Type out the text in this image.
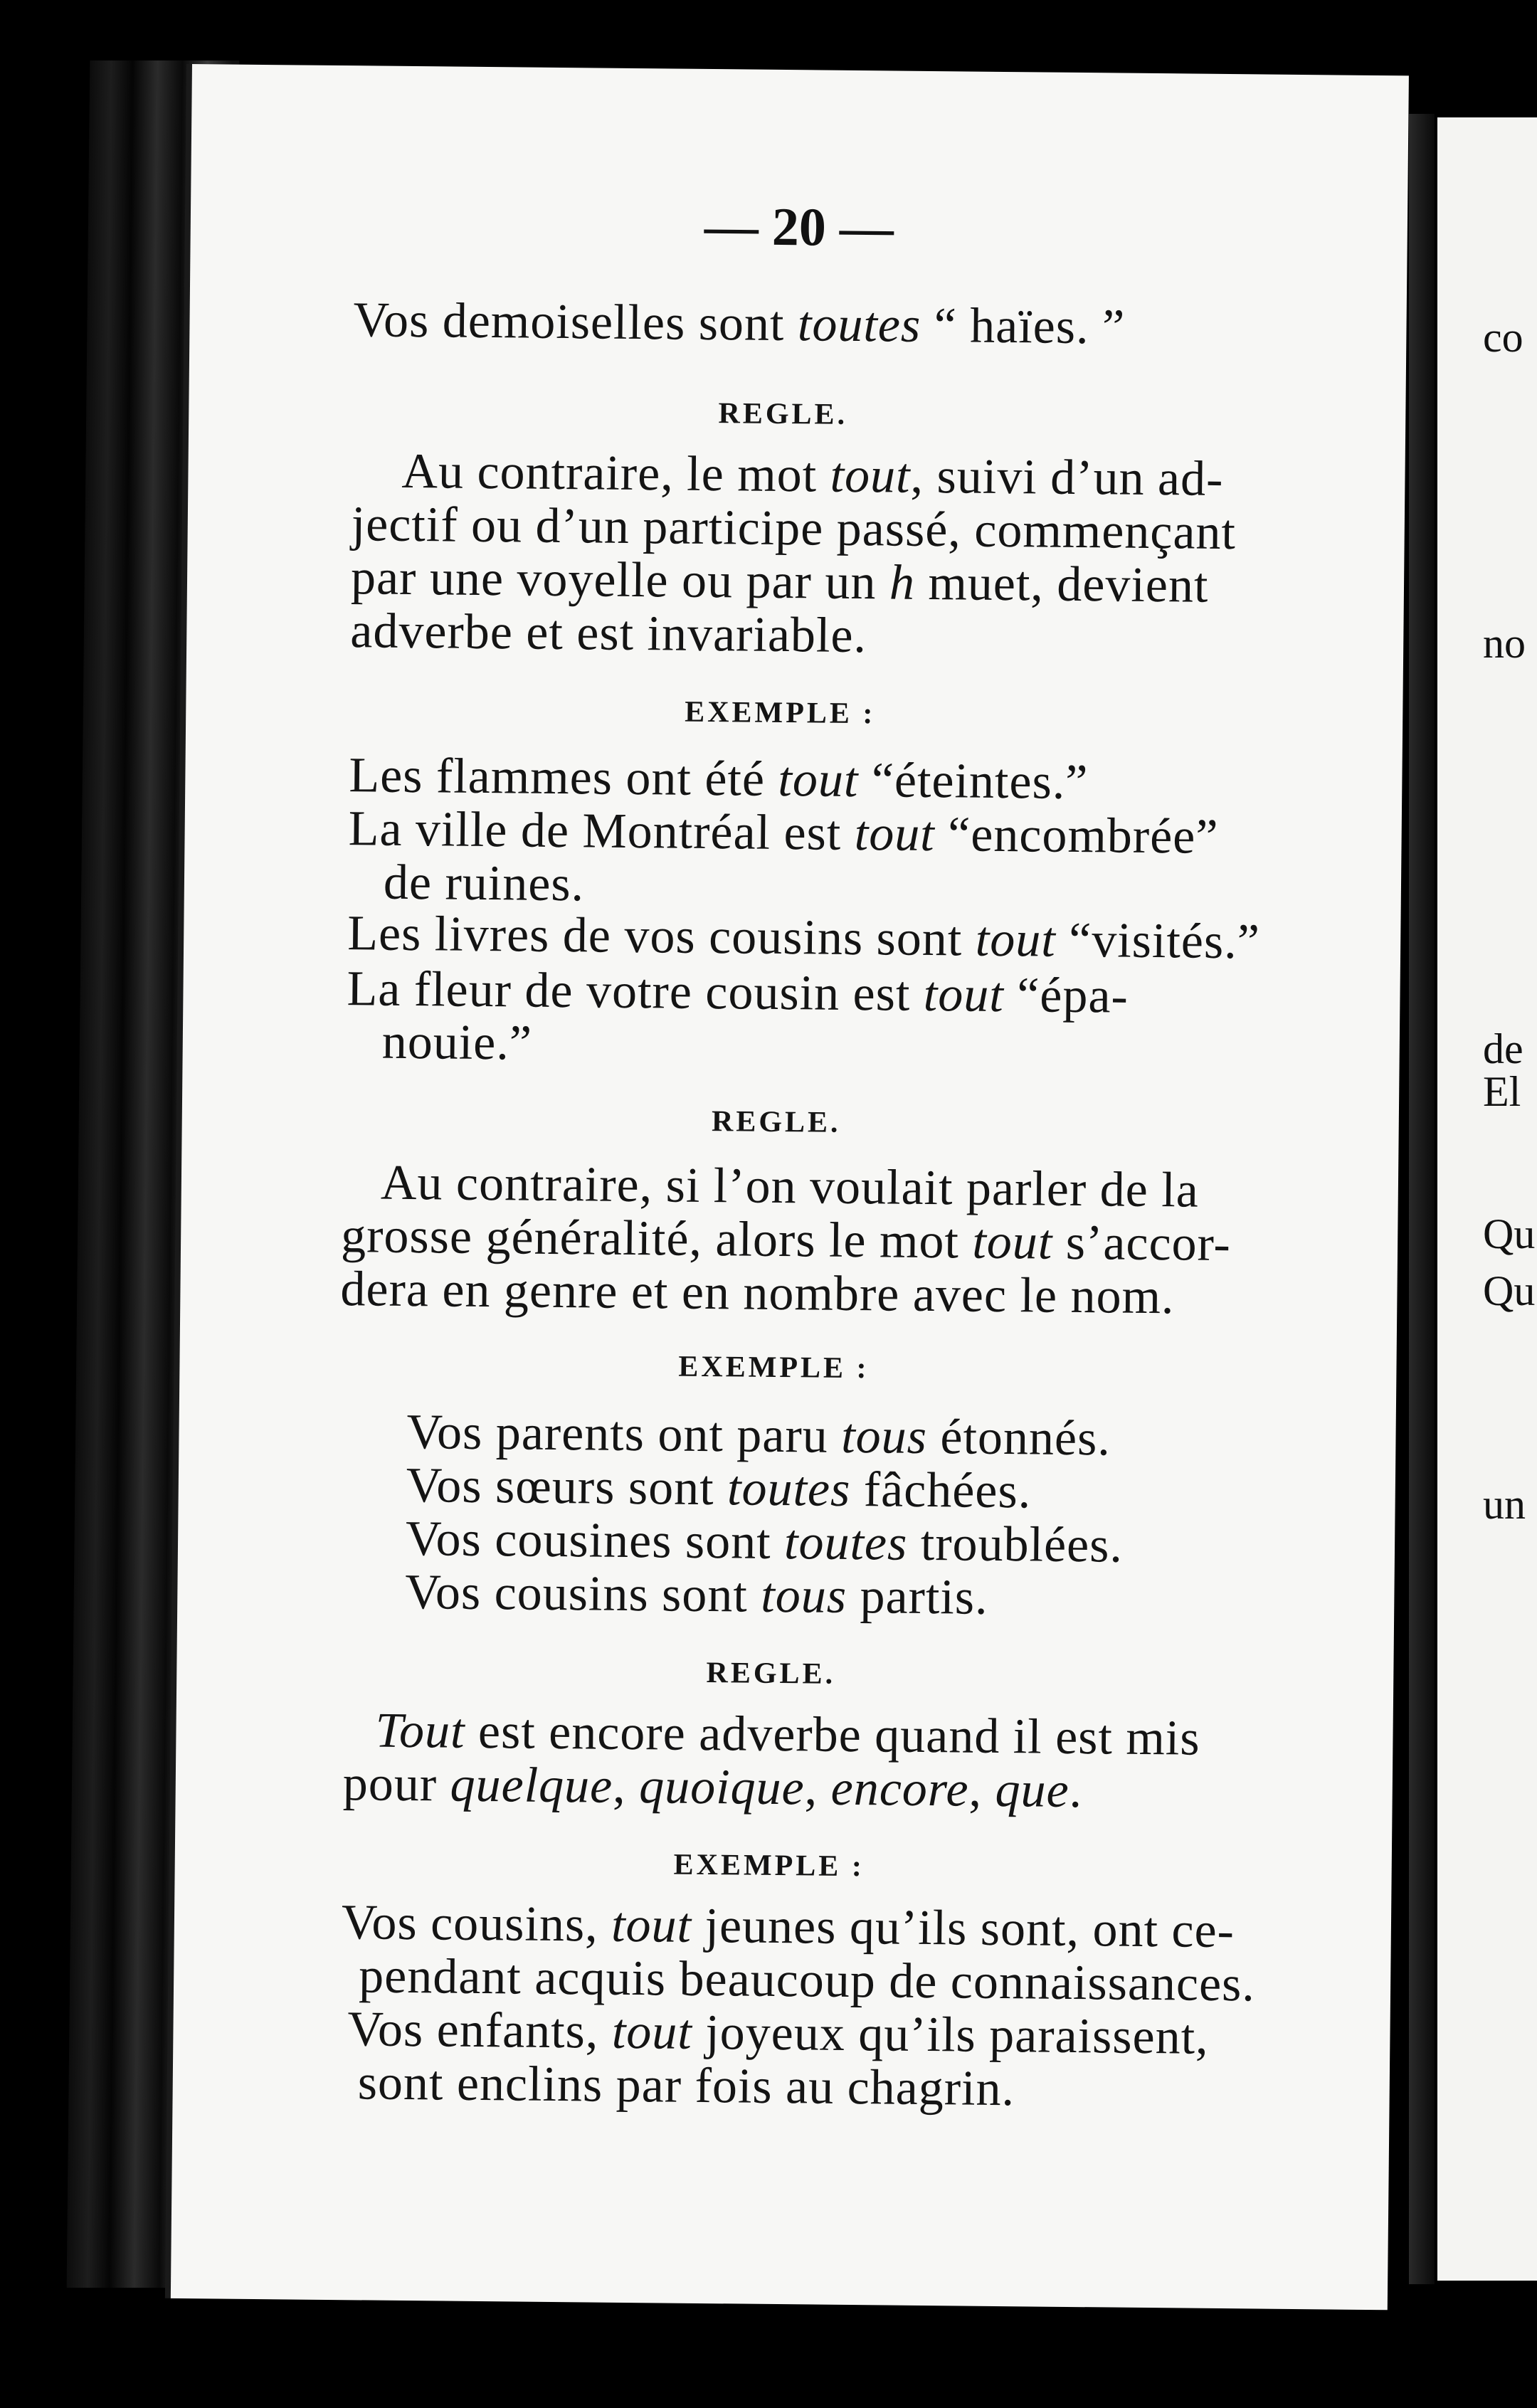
co
no
de
El
Qu
Qu
un
— 20 —
Vos demoiselles sont toutes “ haïes. ”
REGLE.
Au contraire, le mot tout, suivi d’un ad-
jectif ou d’un participe passé, commençant
par une voyelle ou par un h muet, devient
adverbe et est invariable.
EXEMPLE :
Les flammes ont été tout “éteintes.”
La ville de Montréal est tout “encombrée”
de ruines.
Les livres de vos cousins sont tout “visités.”
La fleur de votre cousin est tout “épa-
nouie.”
REGLE.
Au contraire, si l’on voulait parler de la
grosse généralité, alors le mot tout s’accor-
dera en genre et en nombre avec le nom.
EXEMPLE :
Vos parents ont paru tous étonnés.
Vos sœurs sont toutes fâchées.
Vos cousines sont toutes troublées.
Vos cousins sont tous partis.
REGLE.
Tout est encore adverbe quand il est mis
pour quelque, quoique, encore, que.
EXEMPLE :
Vos cousins, tout jeunes qu’ils sont, ont ce-
pendant acquis beaucoup de connaissances.
Vos enfants, tout joyeux qu’ils paraissent,
sont enclins par fois au chagrin.
